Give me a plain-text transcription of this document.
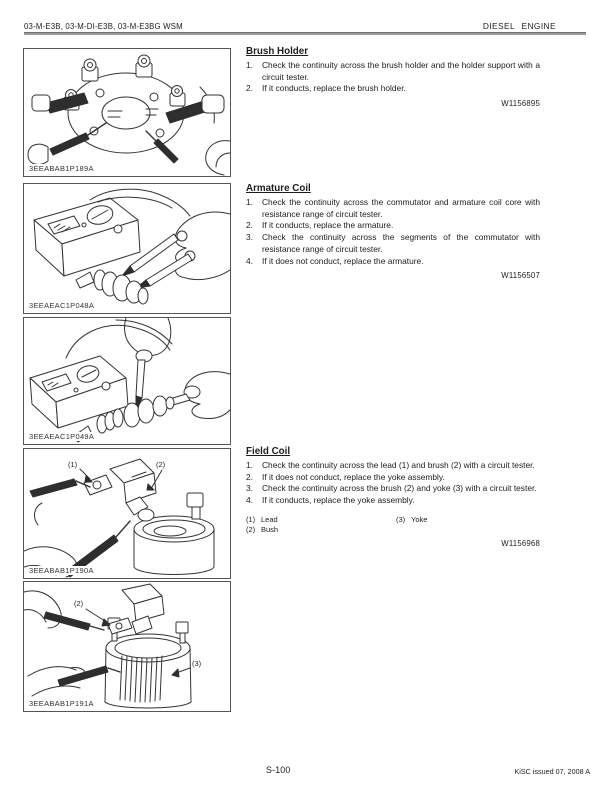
03-M-E3B, 03-M-DI-E3B, 03-M-E3BG WSM	DIESEL ENGINE
3EEABAB1P189A
3EEAEAC1P048A
3EEAEAC1P049A
(1)	(2)
3EEABAB1P190A
(2)
(3)
3EEABAB1P191A
Brush Holder
1. Check the continuity across the brush holder and the holder support with a circuit tester.
2. If it conducts, replace the brush holder.
W1156895
Armature Coil
1. Check the continuity across the commutator and armature coil core with resistance range of circuit tester.
2. If it conducts, replace the armature.
3. Check the continuity across the segments of the commutator with resistance range of circuit tester.
4. If it does not conduct, replace the armature.
W1156507
Field Coil
1. Check the continuity across the lead (1) and brush (2) with a circuit tester.
2. If it does not conduct, replace the yoke assembly.
3. Check the continuity across the brush (2) and yoke (3) with a circuit tester.
4. If it conducts, replace the yoke assembly.
(1) Lead	(3) Yoke
(2) Bush
W1156968
S-100	KiSC issued 07, 2008 A
